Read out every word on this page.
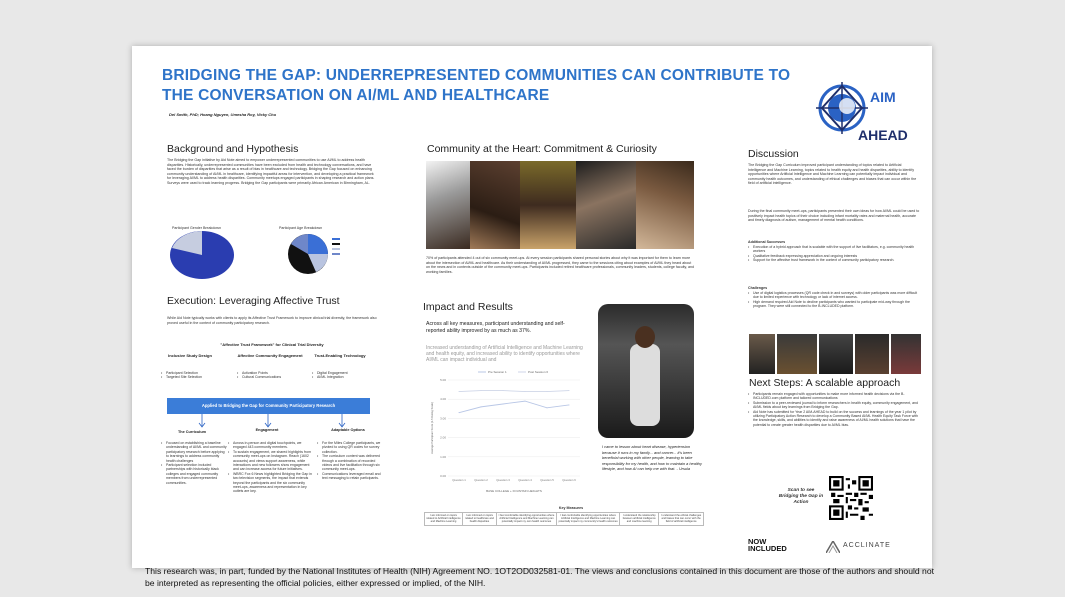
BRIDGING THE GAP: UNDERREPRESENTED COMMUNITIES CAN CONTRIBUTE TO THE CONVERSATION ON AI/ML AND HEALTHCARE
Del Smith, PhD; Hoang Nguyen, Umesha Roy, Vicky Chu
AIM
AHEAD
Background and Hypothesis
The Bridging the Gap initiative by Aid Note aimed to empower underrepresented communities to use AI/ML to address health disparities. Historically, underrepresented communities have been excluded from health and technology conversations, and have faced the burden of disparities that arise as a result of bias in healthcare and technology. Bridging the Gap focused on enhancing community understanding of AI/ML in healthcare, identifying impactful areas for intervention, and developing a practical framework for leveraging AI/ML to address health disparities. Community meetups engaged participants in shaping research and action plans. Surveys were used to track learning progress. Bridging the Gap participants were primarily African American in Birmingham, AL.
Participant Gender Breakdown	Participant Age Breakdown
Execution: Leveraging Affective Trust
While Aid Note typically works with clients to apply its Affective Trust Framework to improve clinical trial diversity, the framework also proved useful in the context of community participatory research.
"Affective Trust Framework" for Clinical Trial Diversity
Inclusive Study Design
• Participant Selection
• Targeted Site Selection
Affective Community Engagement
• Activation Points
• Cultural Communications
Trust-Enabling Technology
• Digital Engagement
• AI/ML Integration
Applied to Bridging the Gap for Community Participatory Research
The Curriculum
• Focused on establishing a baseline understanding of AI/ML and community participatory research before applying to learnings to address community health challenges
• Participant selection included partnerships with historically black colleges and engaged community members from underrepresented communities.
Engagement
• Across in-person and digital touchpoints, we engaged 443 community members.
• To sustain engagement, we shared highlights from community meet-ups on Instagram. Reach (1602 accounts) and views support awareness, while interactions and new followers show engagement and can increase access for future initiatives.
• WBRC Fox 6 News highlighted Bridging the Gap in two television segments, the impact that extends beyond the participants and the six community meet-ups, awareness and representation in key outlets are key.
Adaptable Options
• For the Miles College participants, we pivoted to using QR codes for survey collection.
• The curriculum content was delivered through a combination of recorded videos and live facilitation through six community meet-ups.
• Communications leveraged email and text messaging to retain participants.
Community at the Heart: Commitment & Curiosity
70% of participants attended 4 out of six community meet-ups. At every session participants shared personal stories about why it was important for them to learn more about the intersection of AI/ML and healthcare. As their understanding of AI/ML progressed, they came to the sessions citing about examples of AI/ML they heard about on the news and in contexts outside of the community meet-ups. Participants included retired healthcare professionals, community leaders, students, college faculty, and working families.
Impact and Results
Across all key measures, participant understanding and self-reported ability improved by as much as 37%.
Increased understanding of Artificial Intelligence and Machine Learning and health equity, and increased ability to identify opportunities where AI/ML can impact individual and
0.00
1.00
2.00
3.00
4.00
5.00
Question 1	Question 2	Question 3	Question 4	Question 5	Question 6
BASE COLLEGE + FOUNTAIN HEIGHTS
Average Participant Score (1-5 Rating Scale)
Pre Session 1	Post Session 6
I came to lesson about heart disease, hypertension because it runs in my family... and cancer... it's been beneficial working with other people, learning to take responsibility for my health, and how to maintain a healthy lifestyle, and how AI can help me with that. - Ursula
Key Measures
I am informed on topics related to Artificial Intelligence and Machine Learning	I am informed on topics related to healthcare and health disparities	I feel comfortable identifying opportunities where Artificial Intelligence and Machine Learning can potentially impact my own health outcomes	I feel comfortable identifying opportunities where Artificial Intelligence and Machine Learning can potentially impact my community's health outcomes	I understand the relationship between artificial intelligence and machine learning	I understand the ethical challenges and biases that can occur with the field of artificial intelligence
Discussion
The Bridging the Gap Curriculum improved participant understanding of topics related to Artificial Intelligence and Machine Learning, topics related to health equity and health disparities, ability to identify opportunities where Artificial Intelligence and Machine Learning can potentially impact individual and community health outcomes, and understanding of ethical challenges and biases that can occur within the field of artificial intelligence.
During the final community meet-ups, participants presented their own ideas for how AI/ML could be used to positively impact health topics of their choice including infant mortality rates and maternal health, accurate and timely diagnosis of autism, management of mental health conditions.
Additional Successes
• Execution of a hybrid approach that is scalable with the support of live facilitators, e.g. community health workers
• Qualitative feedback expressing appreciation and ongoing interests
• Support for the affective trust framework in the context of community participatory research.
Challenges
• Use of digital logistics processes (QR code check in and surveys) with older participants was more difficult due to limited experience with technology or lack of internet access.
• High demand required Aid Note to decline participants who wanted to participate mid-way through the program. They were still connected to the B-INCLUDED platform.
Next Steps: A scalable approach
• Participants remain engaged with opportunities to make more informed health decisions via the B-INCLUDED.com platform and tailored communications
• Submission to a peer-reviewed journal to inform researchers in health equity, community engagement, and AI/ML fields about key learnings from Bridging the Gap.
• Aid Note has submitted for Year 2 AIM-AHEAD to build on the success and learnings of the year 1 pilot by utilizing Participatory Action Research to develop a Community Based AI/ML Health Equity Task Force with the knowledge, skills, and abilities to identify and raise awareness of AI/ML health solutions that have the potential to create greater health disparities due to AI/ML bias.
Scan to see Bridging the Gap in Action
NOW
INCLUDED	ACCLINATE
This research was, in part, funded by the National Institutes of Health (NIH) Agreement NO. 1OT2OD032581-01. The views and conclusions contained in this document are those of the authors and should not be interpreted as representing the official policies, either expressed or implied, of the NIH.
